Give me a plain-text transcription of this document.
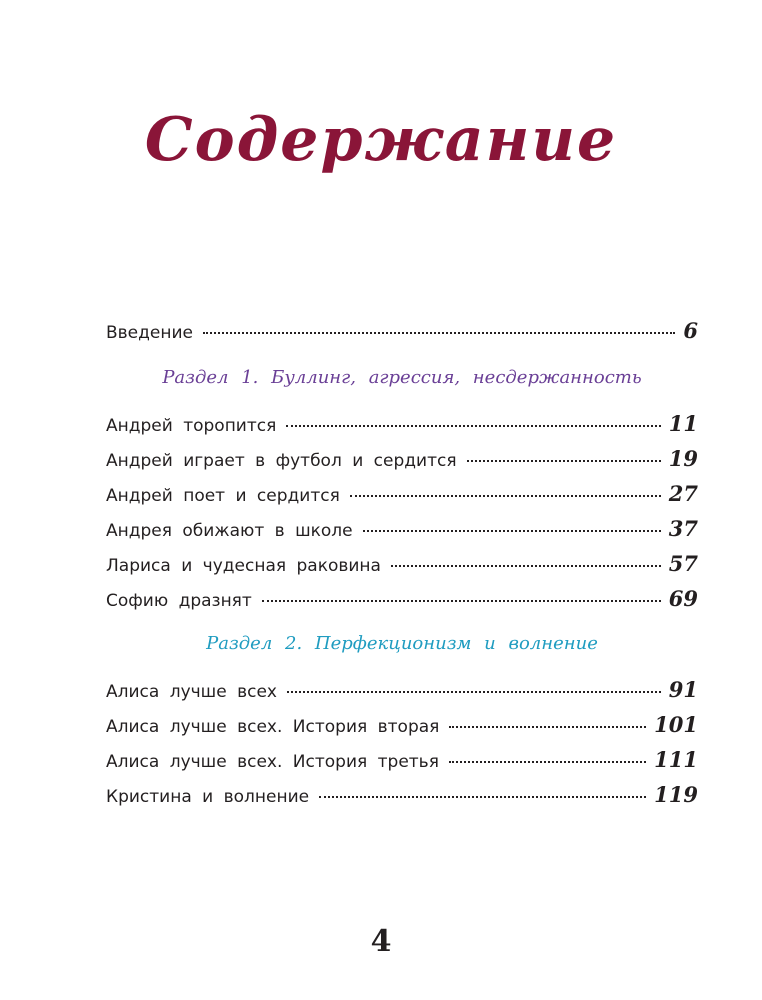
Содержание
Введение	6
Раздел 1. Буллинг, агрессия, несдержанность
Андрей торопится	11
Андрей играет в футбол и сердится	19
Андрей поет и сердится	27
Андрея обижают в школе	37
Лариса и чудесная раковина	57
Софию дразнят	69
Раздел 2. Перфекционизм и волнение
Алиса лучше всех	91
Алиса лучше всех. История вторая	101
Алиса лучше всех. История третья	111
Кристина и волнение	119
4
